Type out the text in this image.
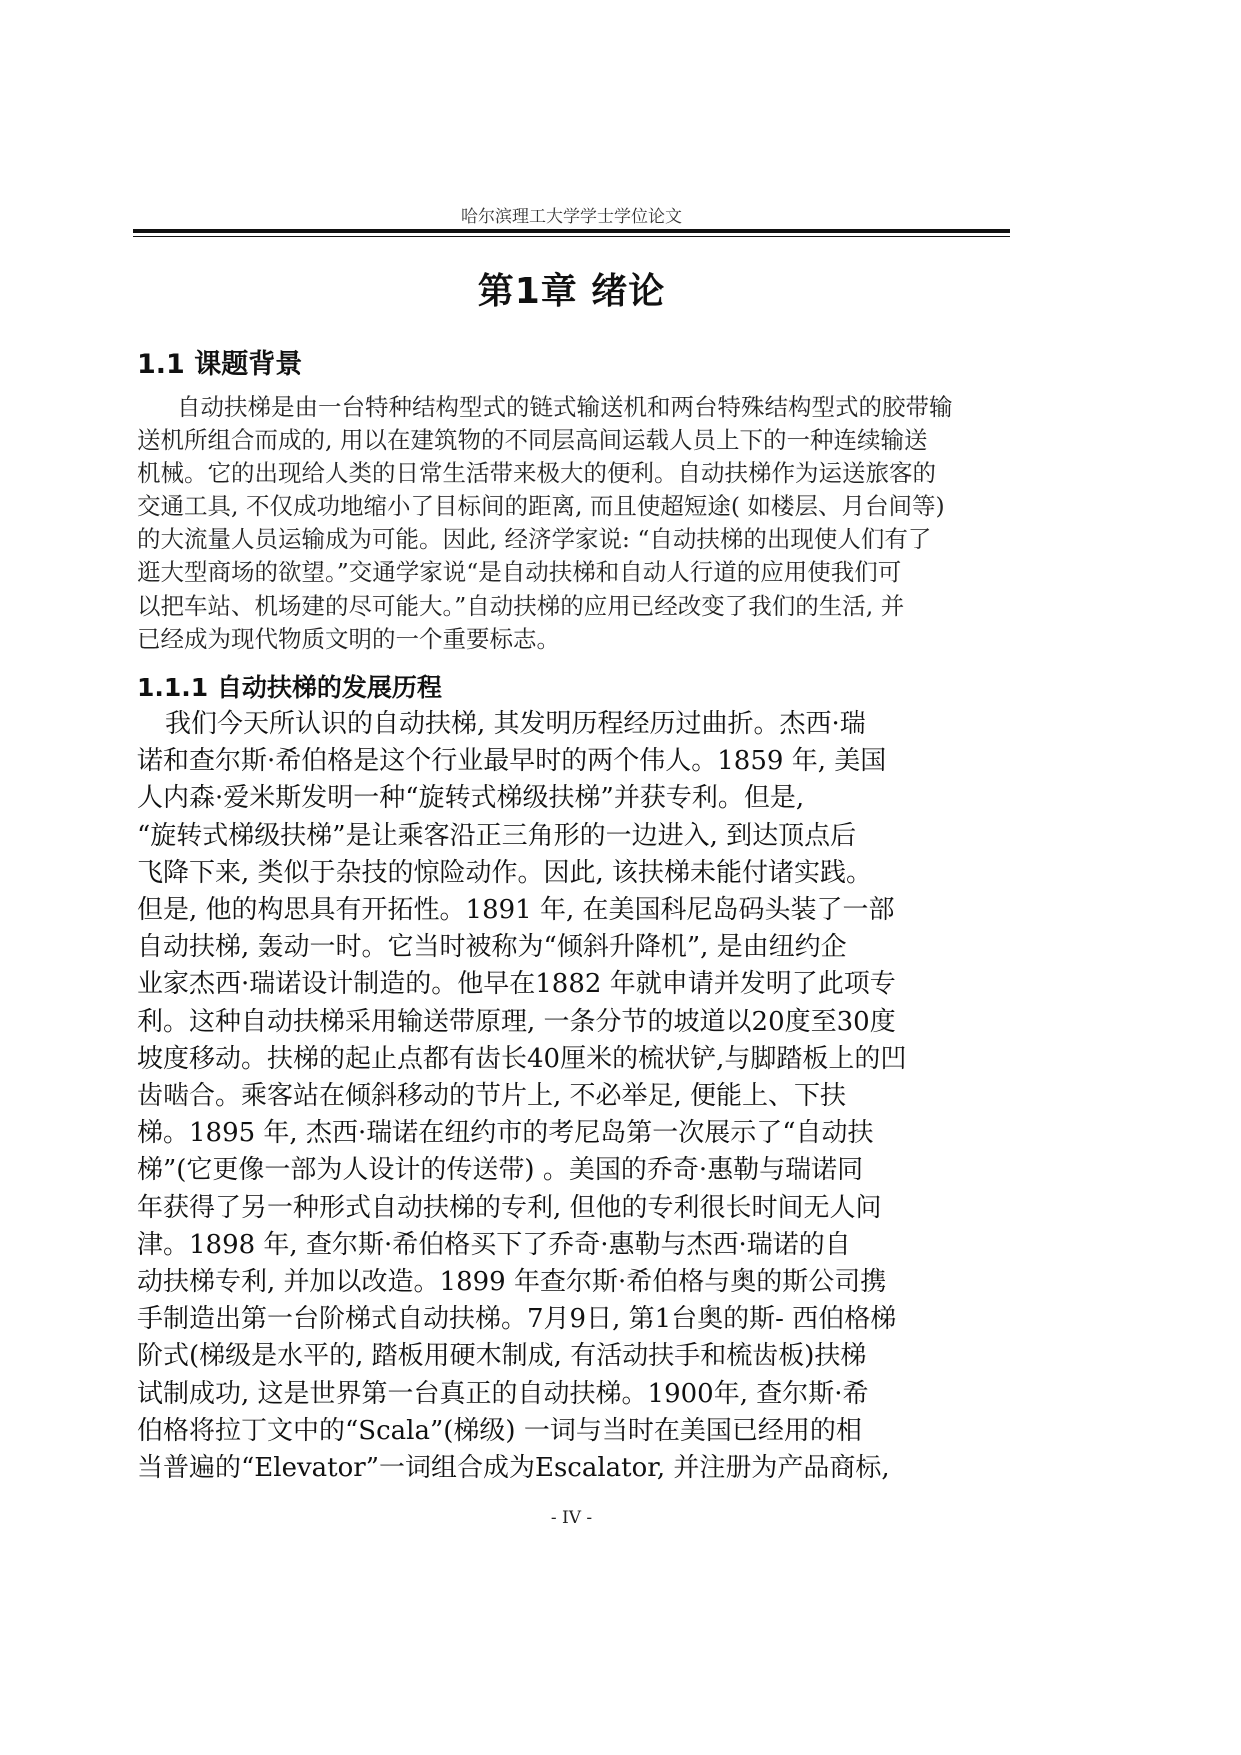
哈尔滨理工大学学士学位论文
第1章 绪论
1.1 课题背景
自动扶梯是由一台特种结构型式的链式输送机和两台特殊结构型式的胶带输
送机所组合而成的, 用以在建筑物的不同层高间运载人员上下的一种连续输送
机械。它的出现给人类的日常生活带来极大的便利。自动扶梯作为运送旅客的
交通工具, 不仅成功地缩小了目标间的距离, 而且使超短途( 如楼层、月台间等)
的大流量人员运输成为可能。因此, 经济学家说: “自动扶梯的出现使人们有了
逛大型商场的欲望。”交通学家说“是自动扶梯和自动人行道的应用使我们可
以把车站、机场建的尽可能大。”自动扶梯的应用已经改变了我们的生活, 并
已经成为现代物质文明的一个重要标志。
1.1.1 自动扶梯的发展历程
我们今天所认识的自动扶梯, 其发明历程经历过曲折。杰西·瑞
诺和查尔斯·希伯格是这个行业最早时的两个伟人。1859 年, 美国
人内森·爱米斯发明一种“旋转式梯级扶梯”并获专利。但是,
“旋转式梯级扶梯”是让乘客沿正三角形的一边进入, 到达顶点后
飞降下来, 类似于杂技的惊险动作。因此, 该扶梯未能付诸实践。
但是, 他的构思具有开拓性。1891 年, 在美国科尼岛码头装了一部
自动扶梯, 轰动一时。它当时被称为“倾斜升降机”, 是由纽约企
业家杰西·瑞诺设计制造的。他早在1882 年就申请并发明了此项专
利。这种自动扶梯采用输送带原理, 一条分节的坡道以20度至30度
坡度移动。扶梯的起止点都有齿长40厘米的梳状铲,与脚踏板上的凹
齿啮合。乘客站在倾斜移动的节片上, 不必举足, 便能上、下扶
梯。1895 年, 杰西·瑞诺在纽约市的考尼岛第一次展示了“自动扶
梯”(它更像一部为人设计的传送带) 。美国的乔奇·惠勒与瑞诺同
年获得了另一种形式自动扶梯的专利, 但他的专利很长时间无人问
津。1898 年, 查尔斯·希伯格买下了乔奇·惠勒与杰西·瑞诺的自
动扶梯专利, 并加以改造。1899 年查尔斯·希伯格与奥的斯公司携
手制造出第一台阶梯式自动扶梯。7月9日, 第1台奥的斯- 西伯格梯
阶式(梯级是水平的, 踏板用硬木制成, 有活动扶手和梳齿板)扶梯
试制成功, 这是世界第一台真正的自动扶梯。1900年, 查尔斯·希
伯格将拉丁文中的“Scala”(梯级) 一词与当时在美国已经用的相
当普遍的“Elevator”一词组合成为Escalator, 并注册为产品商标,
- IV -
